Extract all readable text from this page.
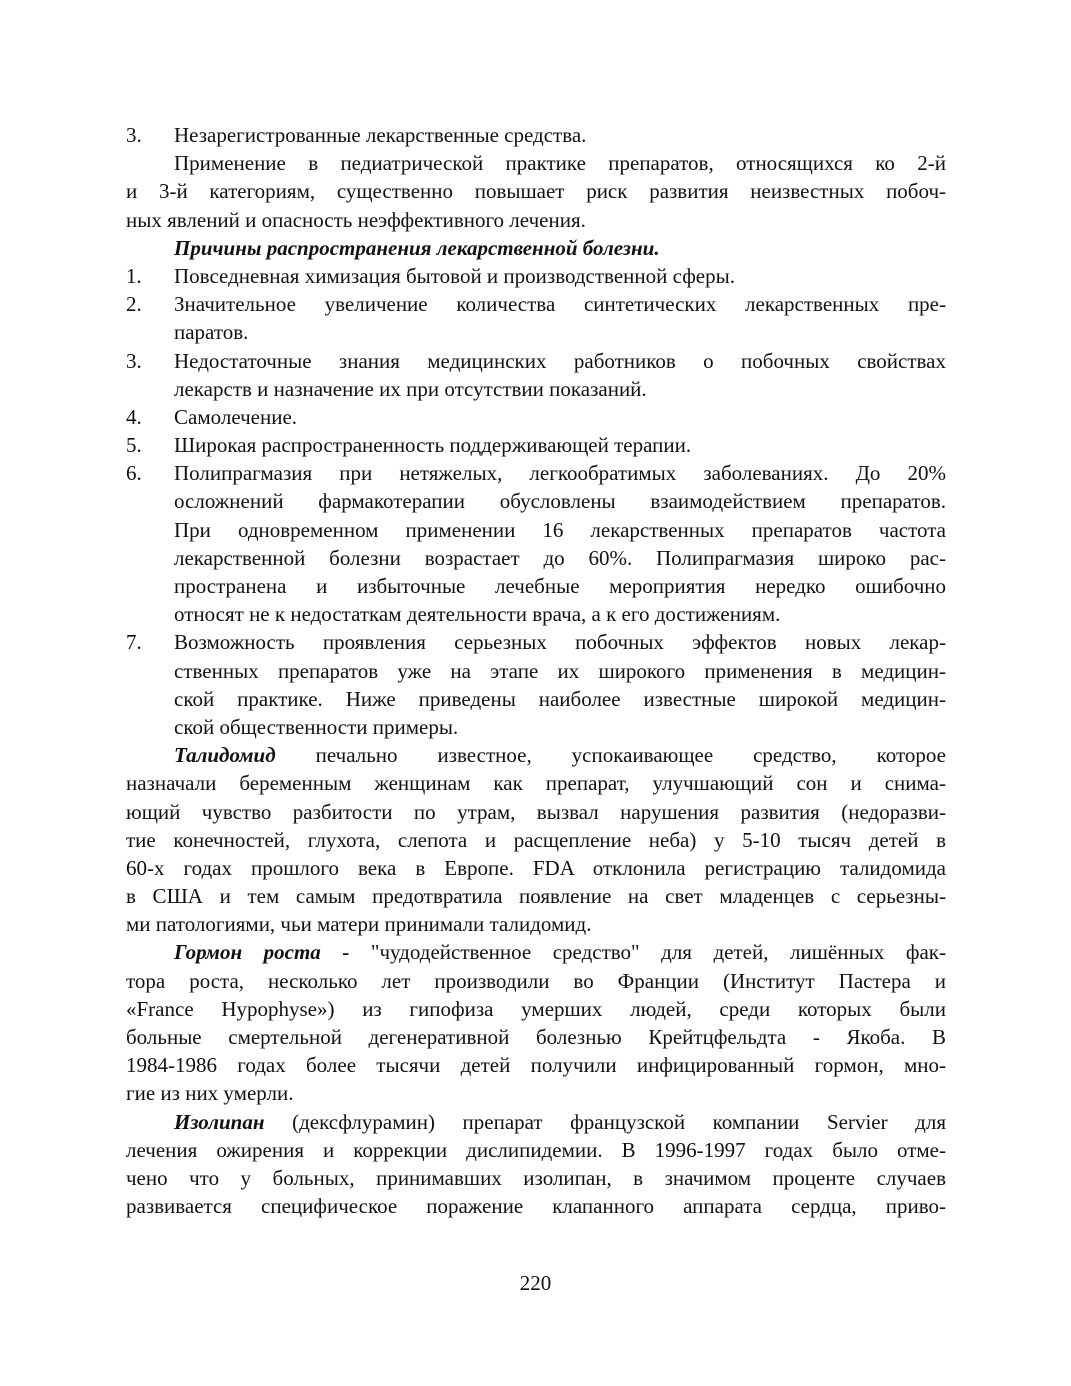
3. Незарегистрованные лекарственные средства.
Применение в педиатрической практике препаратов, относящихся ко 2-й
и 3-й категориям, существенно повышает риск развития неизвестных побоч-
ных явлений и опасность неэффективного лечения.
Причины распространения лекарственной болезни.
1. Повседневная химизация бытовой и производственной сферы.
2. Значительное увеличение количества синтетических лекарственных пре-
паратов.
3. Недостаточные знания медицинских работников о побочных свойствах
лекарств и назначение их при отсутствии показаний.
4. Самолечение.
5. Широкая распространенность поддерживающей терапии.
6. Полипрагмазия при нетяжелых, легкообратимых заболеваниях. До 20%
осложнений фармакотерапии обусловлены взаимодействием препаратов.
При одновременном применении 16 лекарственных препаратов частота
лекарственной болезни возрастает до 60%. Полипрагмазия широко рас-
пространена и избыточные лечебные мероприятия нередко ошибочно
относят не к недостаткам деятельности врача, а к его достижениям.
7. Возможность проявления серьезных побочных эффектов новых лекар-
ственных препаратов уже на этапе их широкого применения в медицин-
ской практике. Ниже приведены наиболее известные широкой медицин-
ской общественности примеры.
Талидомид печально известное, успокаивающее средство, которое
назначали беременным женщинам как препарат, улучшающий сон и снима-
ющий чувство разбитости по утрам, вызвал нарушения развития (недоразви-
тие конечностей, глухота, слепота и расщепление неба) у 5-10 тысяч детей в
60-х годах прошлого века в Европе. FDA отклонила регистрацию талидомида
в США и тем самым предотвратила появление на свет младенцев с серьезны-
ми патологиями, чьи матери принимали талидомид.
Гормон роста - "чудодейственное средство" для детей, лишённых фак-
тора роста, несколько лет производили во Франции (Институт Пастера и
«France Hypophyse») из гипофиза умерших людей, среди которых были
больные смертельной дегенеративной болезнью Крейтцфельдта - Якоба. В
1984-1986 годах более тысячи детей получили инфицированный гормон, мно-
гие из них умерли.
Изолипан (дексфлурамин) препарат французской компании Servier для
лечения ожирения и коррекции дислипидемии. В 1996-1997 годах было отме-
чено что у больных, принимавших изолипан, в значимом проценте случаев
развивается специфическое поражение клапанного аппарата сердца, приво-
220
